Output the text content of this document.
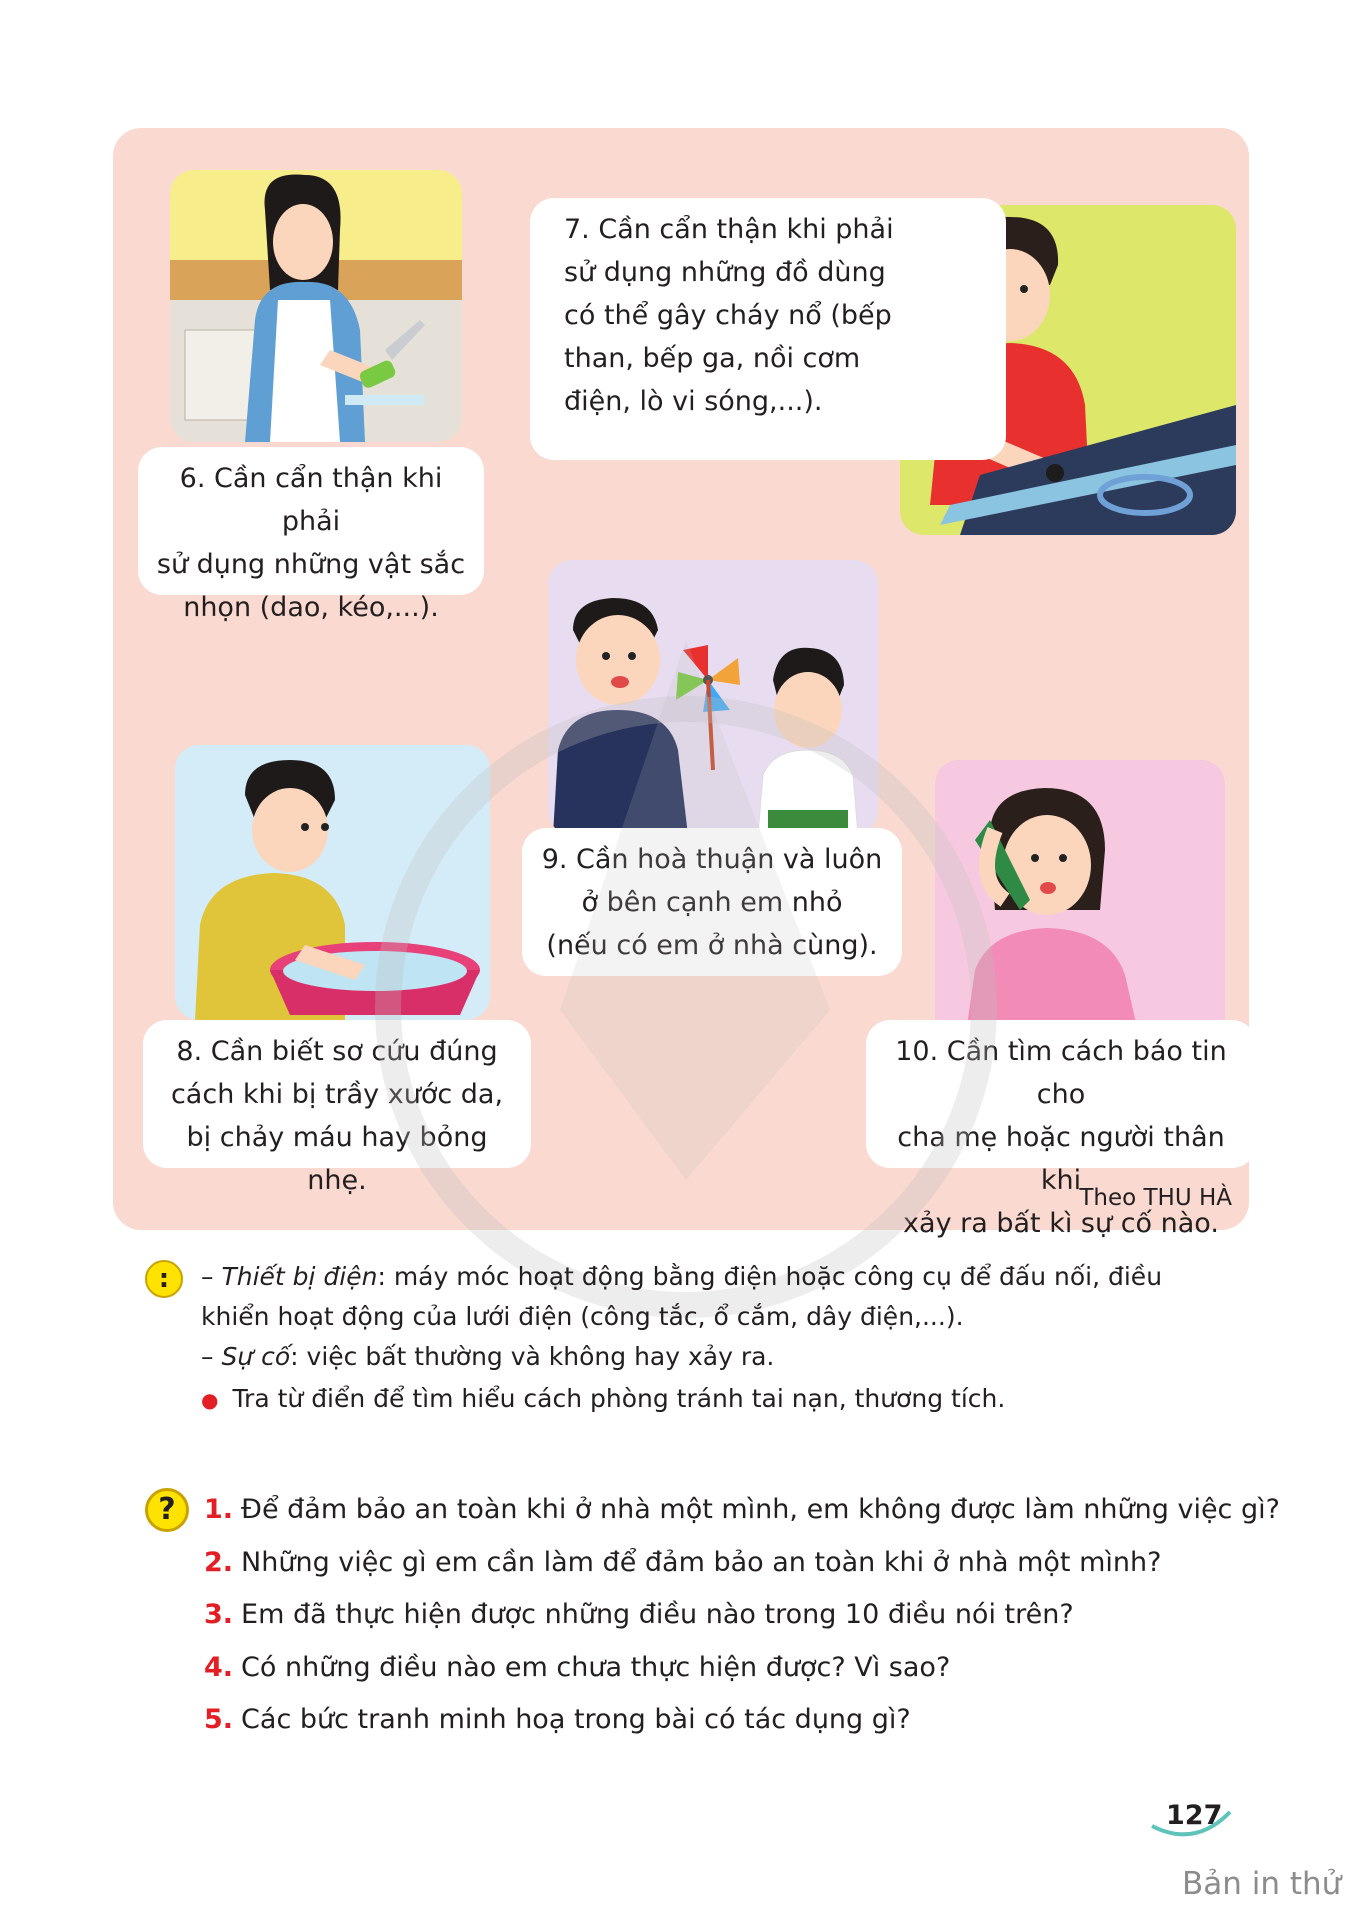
6. Cần cẩn thận khi phải
sử dụng những vật sắc
nhọn (dao, kéo,...).
7. Cần cẩn thận khi phải
sử dụng những đồ dùng
có thể gây cháy nổ (bếp
than, bếp ga, nồi cơm
điện, lò vi sóng,...).
9. Cần hoà thuận và luôn
ở bên cạnh em nhỏ
(nếu có em ở nhà cùng).
8. Cần biết sơ cứu đúng
cách khi bị trầy xước da,
bị chảy máu hay bỏng nhẹ.
10. Cần tìm cách báo tin cho
cha mẹ hoặc người thân khi
xảy ra bất kì sự cố nào.
Theo THU HÀ
:	– Thiết bị điện: máy móc hoạt động bằng điện hoặc công cụ để đấu nối, điều
khiển hoạt động của lưới điện (công tắc, ổ cắm, dây điện,...).
– Sự cố: việc bất thường và không hay xảy ra.
● Tra từ điển để tìm hiểu cách phòng tránh tai nạn, thương tích.
?	1. Để đảm bảo an toàn khi ở nhà một mình, em không được làm những việc gì?
2. Những việc gì em cần làm để đảm bảo an toàn khi ở nhà một mình?
3. Em đã thực hiện được những điều nào trong 10 điều nói trên?
4. Có những điều nào em chưa thực hiện được? Vì sao?
5. Các bức tranh minh hoạ trong bài có tác dụng gì?
127
Bản in thử
